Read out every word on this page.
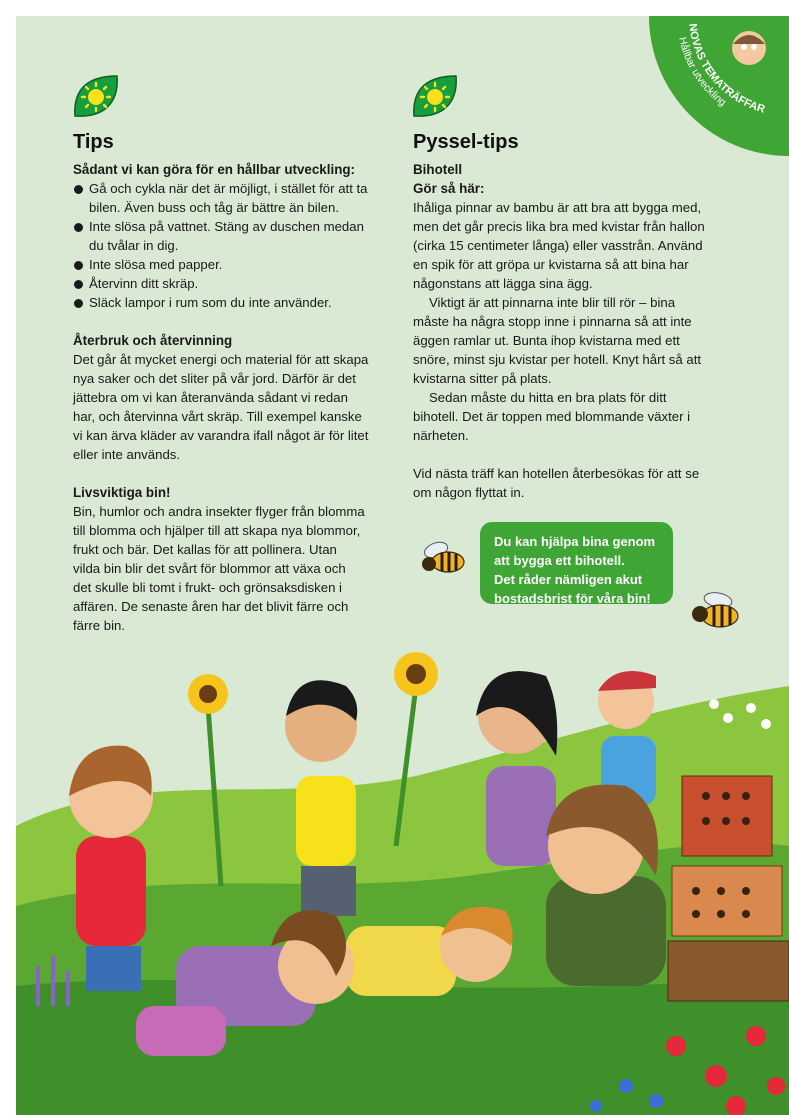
NOVAS TEMATRÄFFAR
Hållbar utveckling
Tips
Sådant vi kan göra för en hållbar utveckling:
Gå och cykla när det är möjligt, i stället för att ta
bilen. Även buss och tåg är bättre än bilen.
Inte slösa på vattnet. Stäng av duschen medan
du tvålar in dig.
Inte slösa med papper.
Återvinn ditt skräp.
Släck lampor i rum som du inte använder.
Återbruk och återvinning

Det går åt mycket energi och material för att skapa
nya saker och det sliter på vår jord. Därför är det
jättebra om vi kan återanvända sådant vi redan
har, och återvinna vårt skräp. Till exempel kanske
vi kan ärva kläder av varandra ifall något är för litet
eller inte används.

Livsviktiga bin!

Bin, humlor och andra insekter flyger från blomma
till blomma och hjälper till att skapa nya blommor,
frukt och bär. Det kallas för att pollinera. Utan
vilda bin blir det svårt för blommor att växa och
det skulle bli tomt i frukt- och grönsaksdisken i
affären. De senaste åren har det blivit färre och
färre bin.

Pyssel-tips
Bihotell
Gör så här:

Ihåliga pinnar av bambu är att bra att bygga med,
men det går precis lika bra med kvistar från hallon
(cirka 15 centimeter långa) eller vasstrån. Använd
en spik för att gröpa ur kvistarna så att bina har
någonstans att lägga sina ägg.

Viktigt är att pinnarna inte blir till rör – bina
måste ha några stopp inne i pinnarna så att inte
äggen ramlar ut. Bunta ihop kvistarna med ett
snöre, minst sju kvistar per hotell. Knyt hårt så att
kvistarna sitter på plats.

Sedan måste du hitta en bra plats för ditt
bihotell. Det är toppen med blommande växter i
närheten.

Vid nästa träff kan hotellen återbesökas för att se
om någon flyttat in.

Du kan hjälpa bina genom
att bygga ett bihotell.
Det råder nämligen akut
bostadsbrist för våra bin!
